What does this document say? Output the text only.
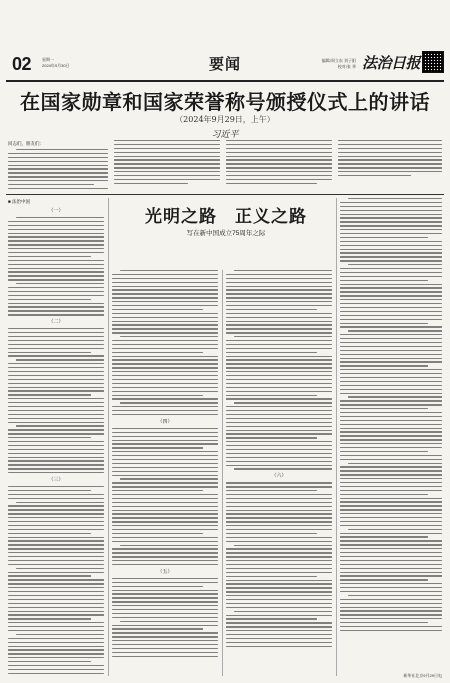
02	星期一
2024年9月30日	要闻	编辑/周立东 刘子阳
校对/张 华 法治日报
在国家勋章和国家荣誉称号颁授仪式上的讲话
（2024年9月29日，上午）
习近平
同志们，朋友们：
光明之路　正义之路
写在新中国成立75周年之际
■ 法治中国
（一）
（二）
（三）
（四）
（五）
（六）
新华社北京9月29日电
